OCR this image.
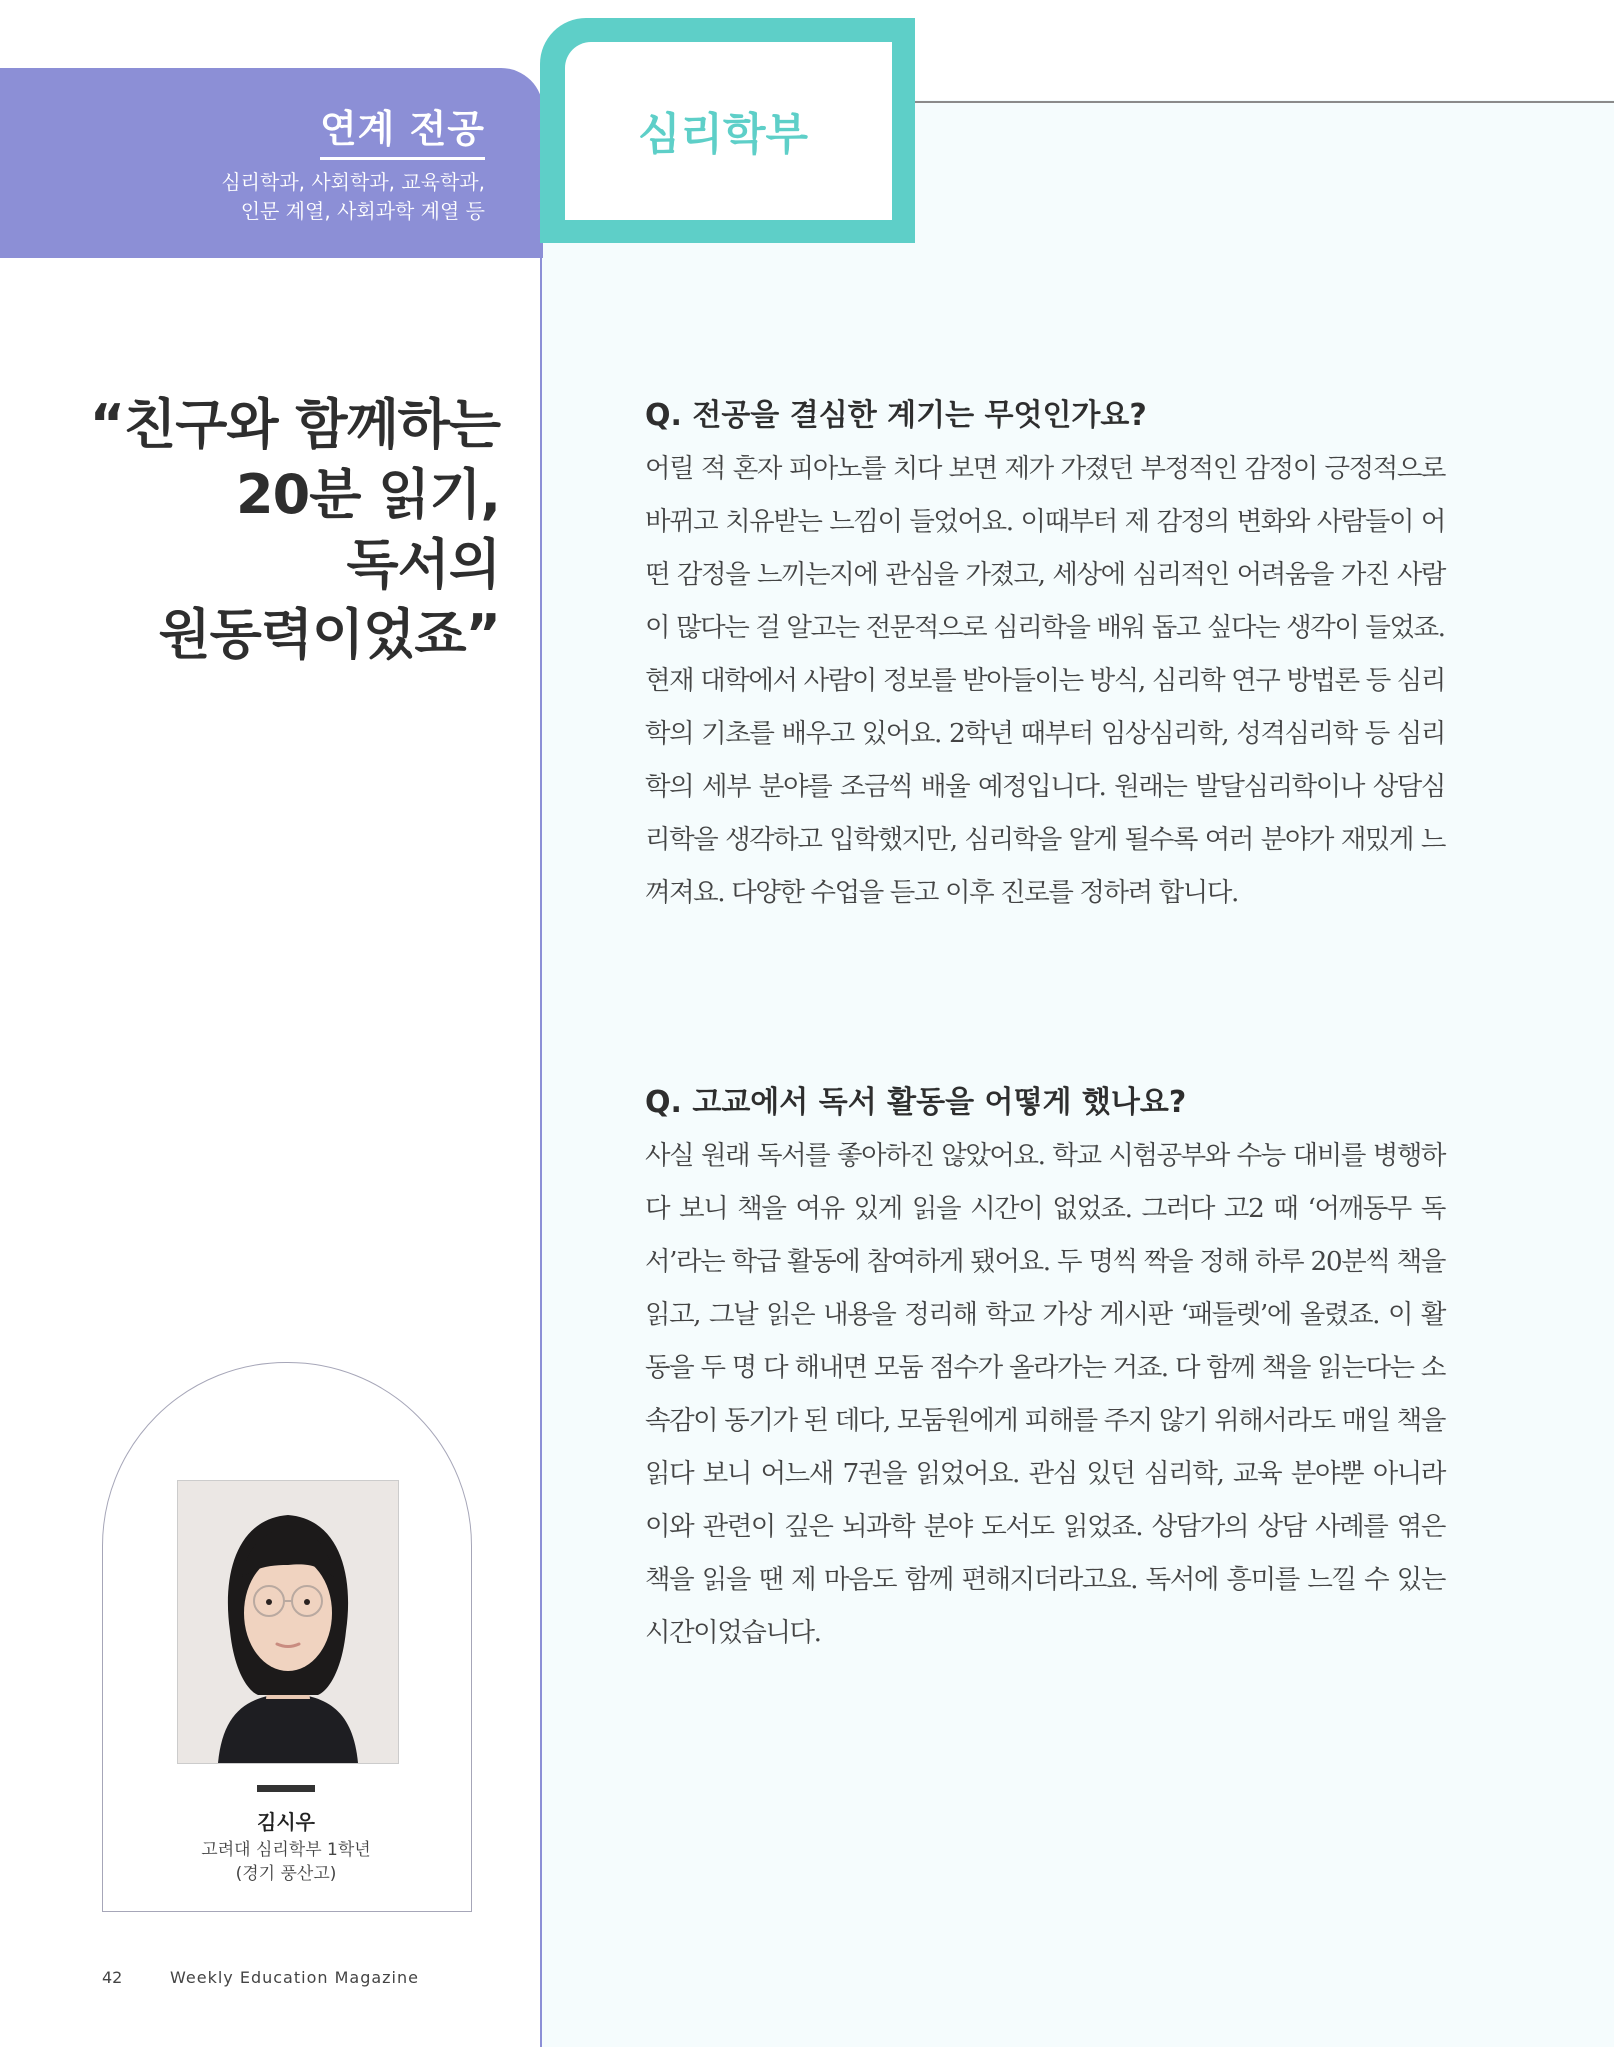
연계 전공
심리학과, 사회학과, 교육학과,
인문 계열, 사회과학 계열 등
심리학부
“친구와 함께하는
20분 읽기,
독서의
원동력이었죠”
김시우
고려대 심리학부 1학년
(경기 풍산고)
42	Weekly Education Magazine
Q. 전공을 결심한 계기는 무엇인가요?

어릴 적 혼자 피아노를 치다 보면 제가 가졌던 부정적인 감정이 긍정적으로 바뀌고 치유받는 느낌이 들었어요. 이때부터 제 감정의 변화와 사람들이 어떤 감정을 느끼는지에 관심을 가졌고, 세상에 심리적인 어려움을 가진 사람이 많다는 걸 알고는 전문적으로 심리학을 배워 돕고 싶다는 생각이 들었죠.

현재 대학에서 사람이 정보를 받아들이는 방식, 심리학 연구 방법론 등 심리학의 기초를 배우고 있어요. 2학년 때부터 임상심리학, 성격심리학 등 심리학의 세부 분야를 조금씩 배울 예정입니다. 원래는 발달심리학이나 상담심리학을 생각하고 입학했지만, 심리학을 알게 될수록 여러 분야가 재밌게 느껴져요. 다양한 수업을 듣고 이후 진로를 정하려 합니다.

Q. 고교에서 독서 활동을 어떻게 했나요?

사실 원래 독서를 좋아하진 않았어요. 학교 시험공부와 수능 대비를 병행하다 보니 책을 여유 있게 읽을 시간이 없었죠. 그러다 고2 때 ‘어깨동무 독서’라는 학급 활동에 참여하게 됐어요. 두 명씩 짝을 정해 하루 20분씩 책을 읽고, 그날 읽은 내용을 정리해 학교 가상 게시판 ‘패들렛’에 올렸죠. 이 활동을 두 명 다 해내면 모둠 점수가 올라가는 거죠. 다 함께 책을 읽는다는 소속감이 동기가 된 데다, 모둠원에게 피해를 주지 않기 위해서라도 매일 책을 읽다 보니 어느새 7권을 읽었어요. 관심 있던 심리학, 교육 분야뿐 아니라 이와 관련이 깊은 뇌과학 분야 도서도 읽었죠. 상담가의 상담 사례를 엮은 책을 읽을 땐 제 마음도 함께 편해지더라고요. 독서에 흥미를 느낄 수 있는 시간이었습니다.
